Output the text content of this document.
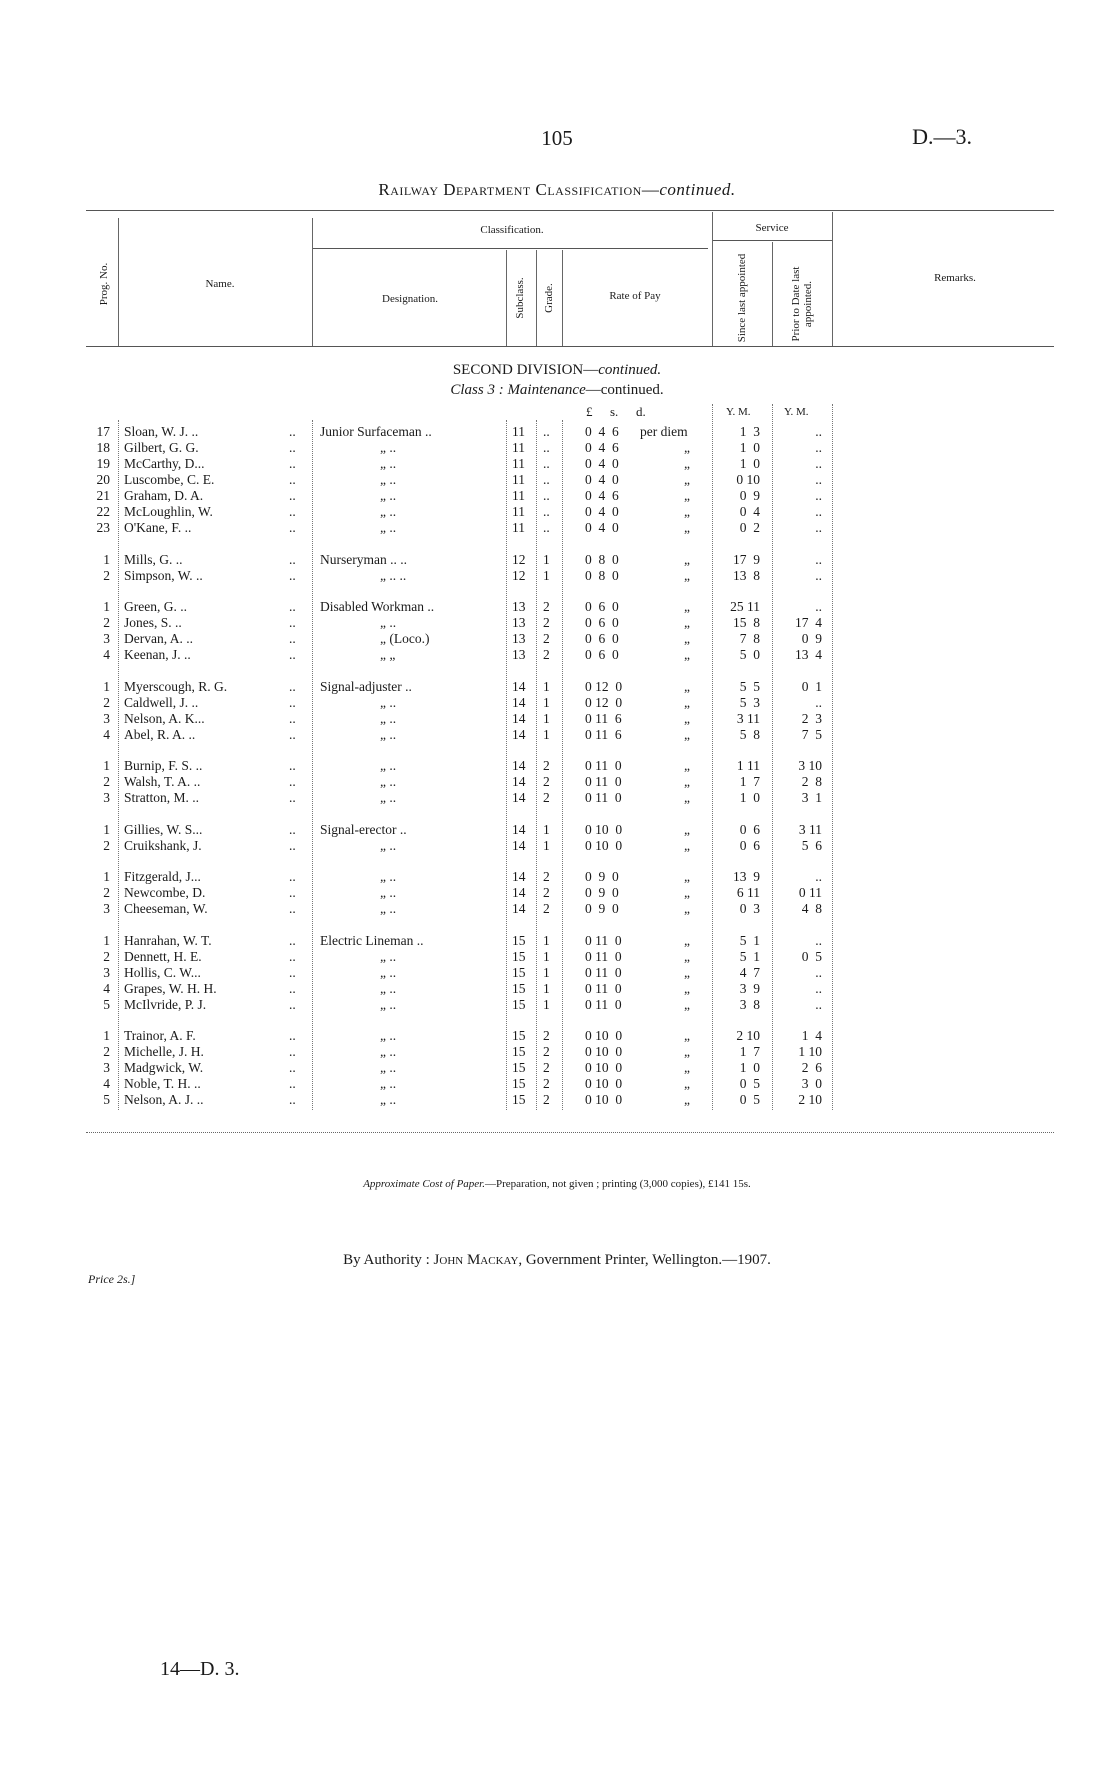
105	D.—3.
Railway Department Classification—continued.
Prog. No.	Name.
Classification.
Designation.	Subclass. Grade.	Rate of Pay
Service
Since last appointed	Prior to Date last appointed.
Remarks.
SECOND DIVISION—continued.
Class 3 : Maintenance—continued.
£ s. d.	Y. M.	Y. M.
17 Sloan, W. J. ..	.. Junior Surfaceman ..	11 ..	0  4  6 per diem	1  3	..
18 Gilbert, G. G.	..	„ ..	11 ..	0  4  6	„	1  0	..
19 McCarthy, D...	..	„ ..	11 ..	0  4  0	„	1  0	..
20 Luscombe, C. E.	..	„ ..	11 ..	0  4  0	„	0 10	..
21 Graham, D. A.	..	„ ..	11 ..	0  4  6	„	0  9	..
22 McLoughlin, W.	..	„ ..	11 ..	0  4  0	„	0  4	..
23 O'Kane, F. ..	..	„ ..	11 ..	0  4  0	„	0  2	..
1 Mills, G. ..	.. Nurseryman .. ..	12 1	0  8  0	„	17  9	..
2 Simpson, W. ..	..	„ .. ..	12 1	0  8  0	„	13  8	..
1 Green, G. ..	.. Disabled Workman ..	13 2	0  6  0	„	25 11	..
2 Jones, S. ..	..	„ ..	13 2	0  6  0	„	15  8	17  4
3 Dervan, A. ..	..	„ (Loco.)	13 2	0  6  0	„	7  8	0  9
4 Keenan, J. ..	..	„ „	13 2	0  6  0	„	5  0	13  4
1 Myerscough, R. G.	.. Signal-adjuster ..	14 1	0 12  0	„	5  5	0  1
2 Caldwell, J. ..	..	„ ..	14 1	0 12  0	„	5  3	..
3 Nelson, A. K...	..	„ ..	14 1	0 11  6	„	3 11	2  3
4 Abel, R. A. ..	..	„ ..	14 1	0 11  6	„	5  8	7  5
1 Burnip, F. S. ..	..	„ ..	14 2	0 11  0	„	1 11	3 10
2 Walsh, T. A. ..	..	„ ..	14 2	0 11  0	„	1  7	2  8
3 Stratton, M. ..	..	„ ..	14 2	0 11  0	„	1  0	3  1
1 Gillies, W. S...	.. Signal-erector ..	14 1	0 10  0	„	0  6	3 11
2 Cruikshank, J.	..	„ ..	14 1	0 10  0	„	0  6	5  6
1 Fitzgerald, J...	..	„ ..	14 2	0  9  0	„	13  9	..
2 Newcombe, D.	..	„ ..	14 2	0  9  0	„	6 11	0 11
3 Cheeseman, W.	..	„ ..	14 2	0  9  0	„	0  3	4  8
1 Hanrahan, W. T.	.. Electric Lineman ..	15 1	0 11  0	„	5  1	..
2 Dennett, H. E.	..	„ ..	15 1	0 11  0	„	5  1	0  5
3 Hollis, C. W...	..	„ ..	15 1	0 11  0	„	4  7	..
4 Grapes, W. H. H.	..	„ ..	15 1	0 11  0	„	3  9	..
5 McIlvride, P. J.	..	„ ..	15 1	0 11  0	„	3  8	..
1 Trainor, A. F.	..	„ ..	15 2	0 10  0	„	2 10	1  4
2 Michelle, J. H.	..	„ ..	15 2	0 10  0	„	1  7	1 10
3 Madgwick, W.	..	„ ..	15 2	0 10  0	„	1  0	2  6
4 Noble, T. H. ..	..	„ ..	15 2	0 10  0	„	0  5	3  0
5 Nelson, A. J. ..	..	„ ..	15 2	0 10  0	„	0  5	2 10
Approximate Cost of Paper.—Preparation, not given ; printing (3,000 copies), £141 15s.
By Authority : John Mackay, Government Printer, Wellington.—1907.
Price 2s.]
14—D. 3.
